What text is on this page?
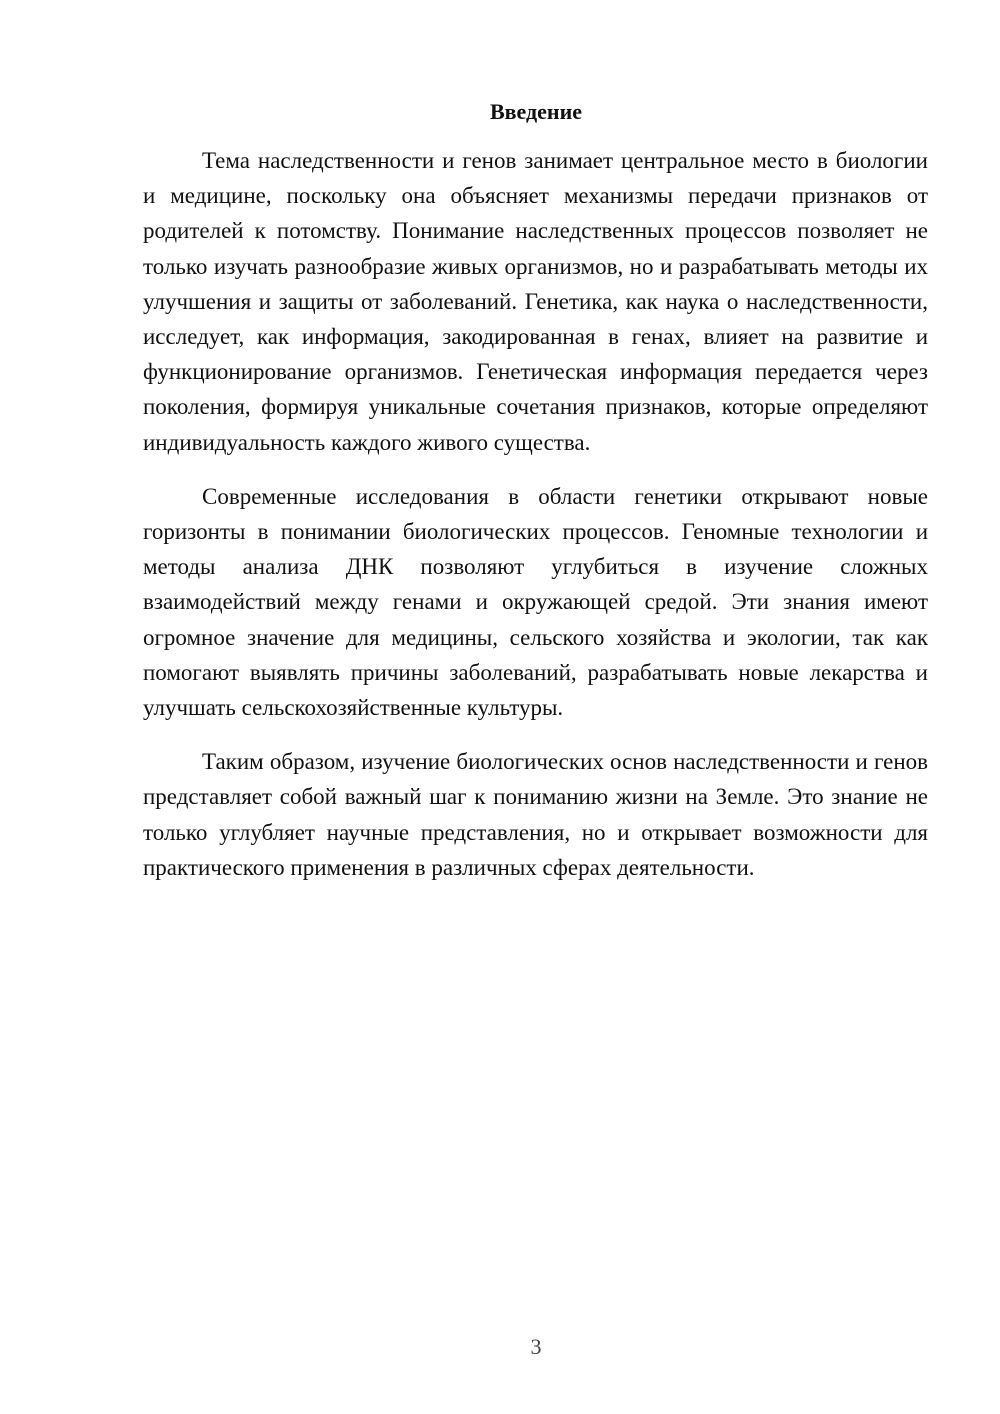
Введение

Тема наследственности и генов занимает центральное место в биологии и медицине, поскольку она объясняет механизмы передачи признаков от родителей к потомству. Понимание наследственных процессов позволяет не только изучать разнообразие живых организмов, но и разрабатывать методы их улучшения и защиты от заболеваний. Генетика, как наука о наследственности, исследует, как информация, закодированная в генах, влияет на развитие и функционирование организмов. Генетическая информация передается через поколения, формируя уникальные сочетания признаков, которые определяют индивидуальность каждого живого существа.

Современные исследования в области генетики открывают новые горизонты в понимании биологических процессов. Геномные технологии и методы анализа ДНК позволяют углубиться в изучение сложных взаимодействий между генами и окружающей средой. Эти знания имеют огромное значение для медицины, сельского хозяйства и экологии, так как помогают выявлять причины заболеваний, разрабатывать новые лекарства и улучшать сельскохозяйственные культуры.

Таким образом, изучение биологических основ наследственности и генов представляет собой важный шаг к пониманию жизни на Земле. Это знание не только углубляет научные представления, но и открывает возможности для практического применения в различных сферах деятельности.

3
